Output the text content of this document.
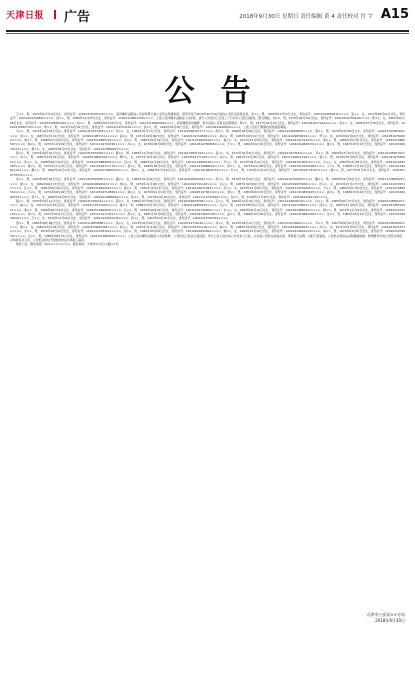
天津日报 广告	2018年9月30日 星期日 责任编辑 黄 4 责任校对 肖 宇 A15
公告

王××，男，1970年01月10日出生，身份证号：12022319700110××××，因涉嫌非法吸收公众存款罪已被公安机关刑事拘留，现责令其于2018年10月30日前向公安机关投案自首。李××，男，1965年03月15日出生，身份证号：12010219650315××××；张××，女，1972年08月22日出生，身份证号：12011019720822××××；赵××，男，1980年11月05日出生，身份证号：12022119801105××××，上述人员涉嫌非法吸收公众存款，请于公告发布之日起三十日内与公安机关联系，配合调查。刘××，男，1975年06月18日出生，身份证号：12010519750618××××；陈××，女，1983年02月28日出生，身份证号：12022519830228××××；杨××，男，1968年09月09日出生，身份证号：12011319680909××××，因涉嫌集资诈骗罪，责令其到公安机关说明情况。周××，男，1977年04月12日出生，身份证号：12010419770412××××；吴××，女，1985年07月30日出生，身份证号：12022219850730××××；郑××，男，1972年12月01日出生，身份证号：12011119721201××××；孙××，男，1969年05月20日出生，身份证号：12010619690520××××，上述人员应于限期内到案接受调查。

马××，男，1974年10月03日出生，身份证号：12022419741003××××；朱××，女，1981年01月17日出生，身份证号：12010319810117××××；胡××，男，1966年08月26日出生，身份证号：12011219660826××××；郭××，男，1979年03月09日出生，身份证号：12022319790309××××；何××，女，1987年11月11日出生，身份证号：12010119871111××××；高××，男，1971年06月06日出生，身份证号：12022119710606××××；林××，男，1983年09月14日出生，身份证号：12011019830914××××；罗××，女，1976年02月02日出生，身份证号：12010519760202××××；梁××，男，1968年07月25日出生，身份证号：12022519680725××××；宋××，男，1982年04月19日出生，身份证号：12011319820419××××；谢××，女，1973年12月23日出生，身份证号：12010419731223××××；唐××，男，1986年05月07日出生，身份证号：12022219860507××××；韩××，男，1970年10月29日出生，身份证号：12011119701029××××；冯××，女，1978年08月08日出生，身份证号：12010619780808××××；于××，男，1984年01月31日出生，身份证号：12022419840131××××；董××，男，1967年03月13日出生，身份证号：12010319670313××××；萧××，女，1980年06月27日出生，身份证号：12011219800627××××。

程××，男，1975年09月16日出生，身份证号：12022319750916××××；曹××，男，1983年11月04日出生，身份证号：12010119831104××××；袁××，女，1972年02月21日出生，身份证号：12022119720221××××；邓××，男，1969年07月02日出生，身份证号：12011019690702××××；许××，男，1985年04月24日出生，身份证号：12010519850424××××；傅××，女，1977年10月10日出生，身份证号：12022519771010××××；沈××，男，1981年12月18日出生，身份证号：12011319811218××××；曾××，男，1974年05月05日出生，身份证号：12010419740505××××；彭××，女，1988年08月30日出生，身份证号：12022219880830××××；吕××，男，1966年01月26日出生，身份证号：12011119660126××××；苏××，男，1979年09月12日出生，身份证号：12010619790912××××；卢××，女，1983年03月03日出生，身份证号：12022419830303××××；蒋××，男，1971年11月15日出生，身份证号：12010319711115××××；蔡××，男，1986年06月22日出生，身份证号：12011219860622××××；贾××，女，1975年04月08日出生，身份证号：12022319750408××××；丁××，男，1968年12月12日出生，身份证号：12010119681212××××；魏××，男，1980年02月14日出生，身份证号：12022119800214××××；薛××，女，1984年07月19日出生，身份证号：12011019840719××××；叶××，男，1973年10月27日出生，身份证号：12010519731027××××；阎××，男，1977年05月31日出生，身份证号：12022519770531××××。

余××，男，1970年08月04日出生，身份证号：12011319700804××××；潘××，女，1982年01月09日出生，身份证号：12010419820109××××；杜××，男，1976年03月20日出生，身份证号：12022219760320××××；戴××，男，1985年09月25日出生，身份证号：12011119850925××××；夏××，女，1969年06月13日出生，身份证号：12010619690613××××；钟××，男，1974年11月28日出生，身份证号：12022419741128××××；汪××，男，1987年02月06日出生，身份证号：12010319870206××××；田××，女，1972年07月17日出生，身份证号：12011219720717××××；任××，男，1981年04月01日出生，身份证号：12022319810401××××；姜××，男，1967年10月23日出生，身份证号：12010119671023××××；范××，女，1979年12月05日出生，身份证号：12022119791205××××；方××，男，1984年05月16日出生，身份证号：12011019840516××××；石××，男，1971年08月29日出生，身份证号：12010519710829××××；姚××，女，1976年01月14日出生，身份证号：12022519760114××××；谭××，男，1983年06月07日出生，身份证号：12011319830607××××；廖××，男，1968年03月24日出生，身份证号：12010419680324××××；邹××，女，1986年09月02日出生，身份证号：12022219860902××××；熊××，男，1973年04月18日出生，身份证号：12011119730418××××；金××，男，1978年11月30日出生，身份证号：12010619781130××××。

陆××，男，1975年02月11日出生，身份证号：12022419750211××××；郝××，女，1982年07月08日出生，身份证号：12010319820708××××；孔××，男，1969年10月19日出生，身份证号：12011219691019××××；白××，男，1985年05月27日出生，身份证号：12022319850527××××；崔××，女，1971年12月03日出生，身份证号：12010119711203××××；康××，男，1980年03月15日出生，身份证号：12022119800315××××；毛××，男，1974年08月21日出生，身份证号：12011019740821××××；邱××，女，1987年01月05日出生，身份证号：12010519870105××××；秦××，男，1966年06月30日出生，身份证号：12022519660630××××；江××，男，1979年09月09日出生，身份证号：12011319790909××××；史××，女，1984年04月12日出生，身份证号：12010419840412××××；顾××，男，1972年11月22日出生，身份证号：12022219721122××××；侯××，男，1977年02月17日出生，身份证号：12011119770217××××；邵××，女，1981年07月28日出生，身份证号：12010619810728××××；孟××，男，1968年10月06日出生，身份证号：12022419681006××××；龙××，男，1983年05月13日出生，身份证号：12010319830513××××；万××，女，1976年12月26日出生，身份证号：12011219761226××××；段××，男，1970年03月01日出生，身份证号：12022319700301××××。

雷××，男，1985年08月08日出生，身份证号：12010119850808××××；钱××，女，1973年01月20日出生，身份证号：12022119730120××××；汤××，男，1979年06月11日出生，身份证号：12011019790611××××；尹××，男，1967年09月24日出生，身份证号：12010519670924××××；黎××，女，1982年04月04日出生，身份证号：12022519820404××××；易××，男，1975年11月16日出生，身份证号：12011319751116××××；常××，男，1986年02月09日出生，身份证号：12010419860209××××；武××，女，1971年07月31日出生，身份证号：12022219710731××××；乔××，男，1978年10月14日出生，身份证号：12011119781014××××；贺××，男，1984年05月02日出生，身份证号：12010619840502××××；赖××，女，1969年12月19日出生，身份证号：12022419691219××××；龚××，男，1974年03月27日出生，身份证号：12010319740327××××；文××，男，1980年08月15日出生，身份证号：12011219800815××××。上述人员涉嫌非法吸收公众存款罪，公安机关已依法立案侦查，责令上述人员自本公告发布之日起，主动到公安机关投案自首，争取宽大处理。对拒不到案的，公安机关将依法采取强制措施。知情群众可向公安机关举报，对举报有功人员，公安机关将给予奖励并依法为举报人保密。

特此公告。联系电话：022-××××××××，联系地址：天津市××区××路××号。

天津市公安局××分局
2018年9月30日
